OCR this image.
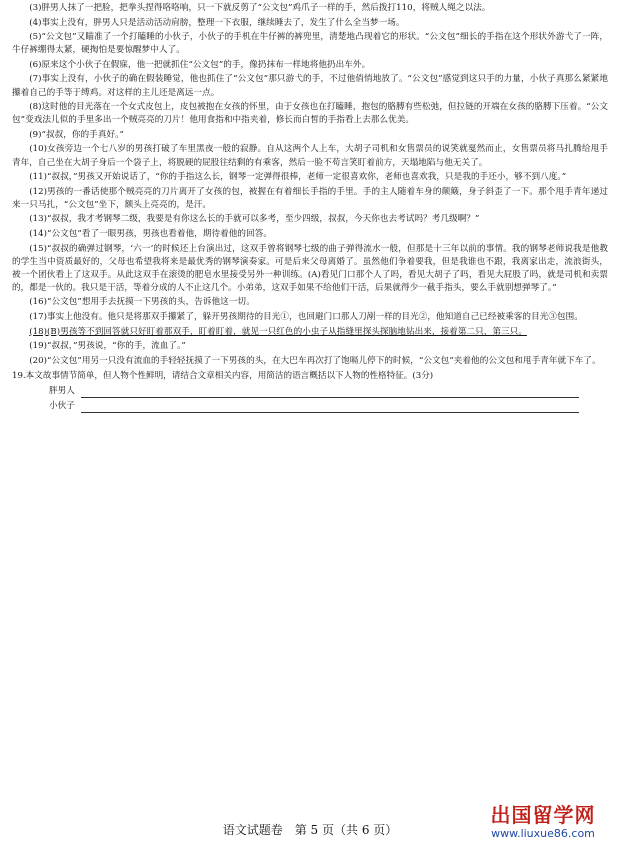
(3)胖男人抹了一把脸，把拳头捏得咯咯响，只一下就反剪了“公文包”鸡爪子一样的手，然后拨打110，将贼人绳之以法。

(4)事实上没有，胖男人只是活动活动肩膀，整理一下衣服，继续睡去了，发生了什么全当梦一场。

(5)“公文包”又瞄准了一个打瞌睡的小伙子，小伙子的手机在牛仔裤的裤兜里，清楚地凸现着它的形状。“公文包”细长的手指在这个形状外游弋了一阵，牛仔裤绷得太紧，硬掏怕是要惊醒梦中人了。

(6)原来这个小伙子在假寐，他一把就抓住“公文包”的手，像扔抹布一样地将他扔出车外。

(7)事实上没有，小伙子的确在假装睡觉，他也抓住了“公文包”那只游弋的手，不过他俏悄地放了。“公文包”感觉到这只手的力量，小伙子真那么紧紧地攥着自己的手等于缚鸡。对这样的主儿还是离远一点。

(8)这时他的目光落在一个女式皮包上，皮包被抱在女孩的怀里，由于女孩也在打瞌睡，抱包的胳膊有些松弛，但拉链的开端在女孩的胳膊下压着。“公文包”变戏法儿似的手里多出一个贼亮亮的刀片！他用食指和中指夹着，修长而白皙的手指看上去那么优美。

(9)“叔叔，你的手真好。”

(10)女孩旁边一个七八岁的男孩打破了车里黑夜一般的寂静。自从这两个人上车，大胡子司机和女售票员的说笑就戛然而止，女售票员将马扎腾给甩手青年，自己坐在大胡子身后一个袋子上，将脱硬的屁股往结剩的有乘客，然后一脸不苟言笑盯着前方，天塌地陷与他无关了。

(11)“叔叔，”男孩又开始说话了，“你的手指这么长，钢琴一定弹得很棒，老师一定很喜欢你，老师也喜欢我，只是我的手还小，够不到八度。”

(12)男孩的一番话使那个贼亮亮的刀片离开了女孩的包，被握在有着细长手指的手里。手的主人随着车身的颠簸，身子斜歪了一下。那个甩手青年递过来一只马扎，“公文包”坐下，额头上亮亮的，是汗。

(13)“叔叔，我才考钢琴二级，我要是有你这么长的手就可以多考，至少四级，叔叔，今天你也去考试吗？考几级啊？”

(14)“公文包”看了一眼男孩，男孩也看着他，期待着他的回答。

(15)“叔叔的确弹过钢琴，‘六一’的时候还上台演出过，这双手曾将钢琴七级的曲子弹得流水一般，但那是十三年以前的事情。我的钢琴老师说我是他教的学生当中资质最好的，父母也希望我将来是最优秀的钢琴演奏家。可是后来父母离婚了。虽然他们争着要我，但是我谁也不跟，我离家出走，流浪街头，被一个团伙看上了这双手。从此这双手在滚烫的肥皂水里接受另外一种训练。(A)看见门口那个人了吗，看见大胡子了吗，看见大屁股了吗，就是司机和卖票的，都是一伙的。我只是干活，等着分成的人不止这几个。小弟弟，这双手如果不给他们干活，后果就得少一截手指头，要么手就别想弹琴了。”

(16)“公文包”想用手去抚摸一下男孩的头，告诉他这一切。

(17)事实上他没有。他只是将那双手攥紧了，躲开男孩期待的目光①，也回避门口那人刀剐一样的目光②，他知道自己已经被乘客的目光③包围。

(18)(B)男孩等不到回答就只好盯着那双手，盯着盯着，就见一只红色的小虫子从指缝里探头探脑地钻出来，接着第二只，第三只。

(19)“叔叔，”男孩说，“你的手，流血了。”

(20)“公文包”用另一只没有流血的手轻轻抚摸了一下男孩的头，在大巴车再次打了饱嗝儿停下的时候，“公文包”夹着他的公文包和甩手青年就下车了。

19.本文故事情节简单，但人物个性鲜明，请结合文章相关内容，用简洁的语言概括以下人物的性格特征。(3分)

胖男人
小伙子
语文试题卷　第 5 页（共 6 页）
出国留学网
www.liuxue86.com
